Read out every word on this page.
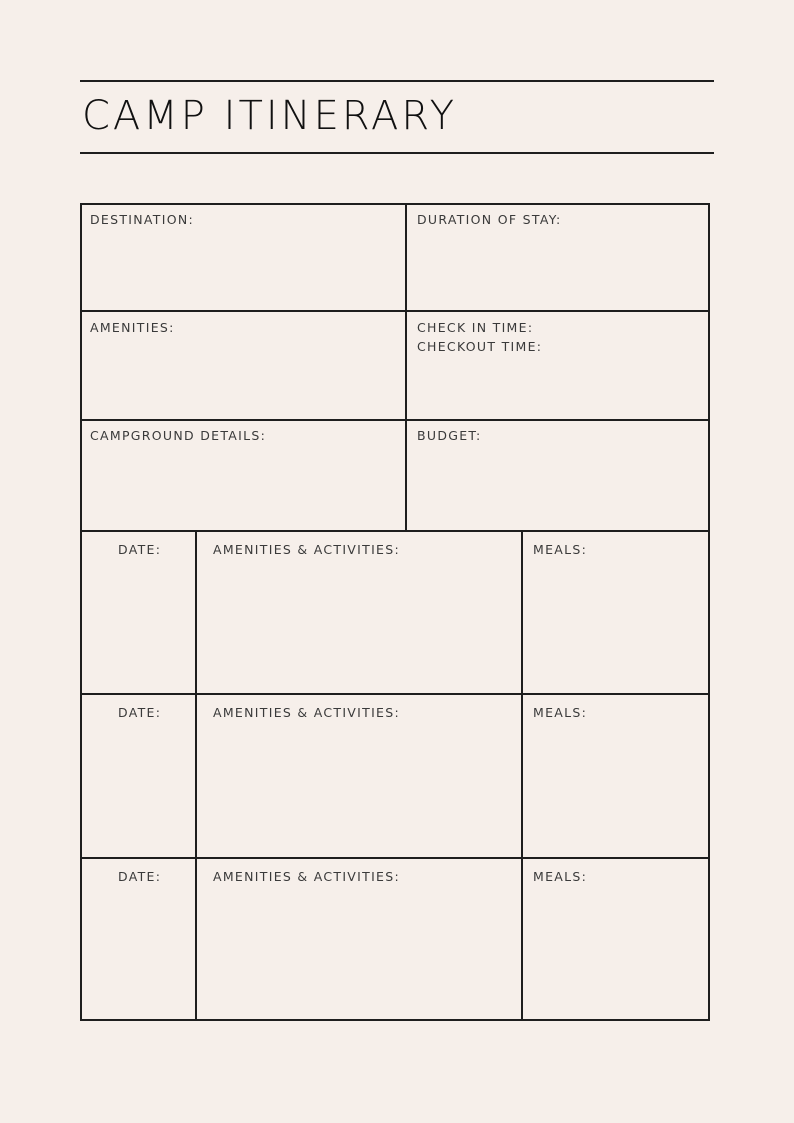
CAMP ITINERARY
DESTINATION:	DURATION OF STAY:
AMENITIES:	CHECK IN TIME:
CHECKOUT TIME:
CAMPGROUND DETAILS:	BUDGET:
DATE:	AMENITIES & ACTIVITIES:	MEALS:
DATE:	AMENITIES & ACTIVITIES:	MEALS:
DATE:	AMENITIES & ACTIVITIES:	MEALS:
